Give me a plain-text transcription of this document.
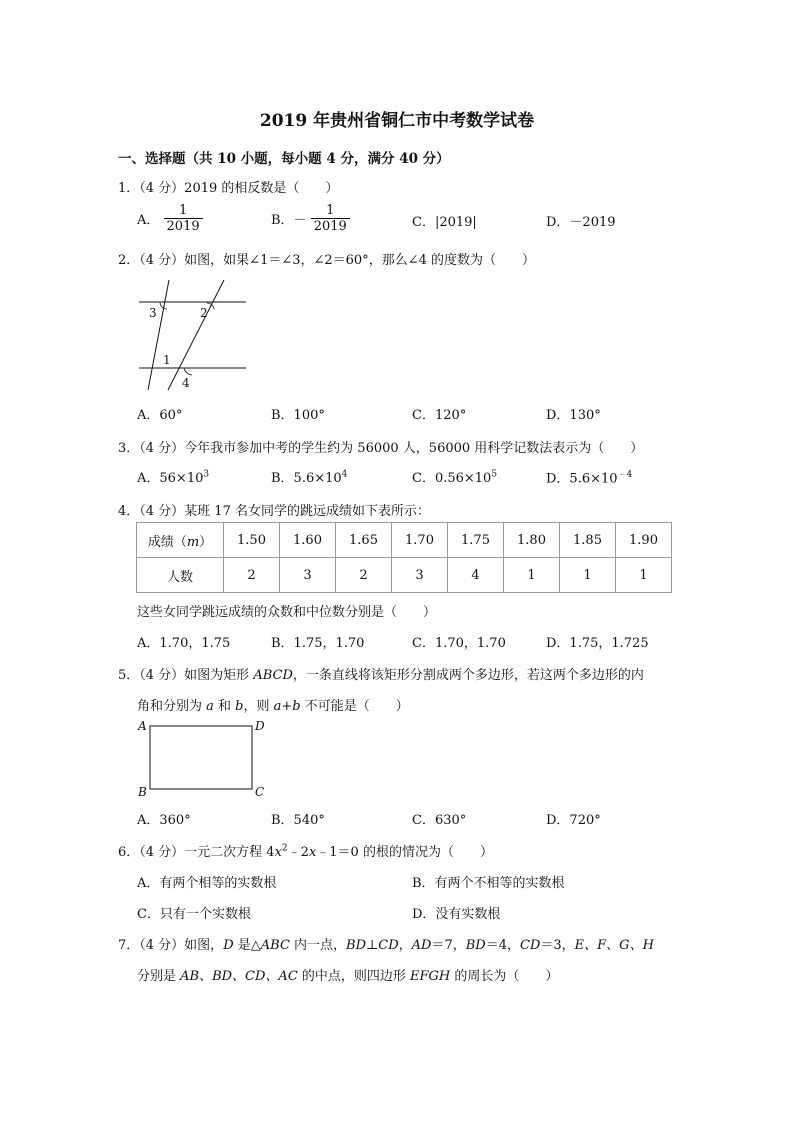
2019 年贵州省铜仁市中考数学试卷
一、选择题（共 10 小题，每小题 4 分，满分 40 分）
1．（4 分）2019 的相反数是（　　）
A． $\frac{1}{2019}$	B．－ $\frac{1}{2019}$	C．|2019|	D．－2019
2．（4 分）如图，如果∠1＝∠3，∠2＝60°，那么∠4 的度数为（　　）
3	2
1
4
A．60°	B．100°	C．120°	D．130°
3．（4 分）今年我市参加中考的学生约为 56000 人，56000 用科学记数法表示为（　　）
A．$56\times 10^3$	B．$5.6\times 10^4$	C．$0.56\times 10^5$	D．$5.6\times 10^{﹣4}$
4．（4 分）某班 17 名女同学的跳远成绩如下表所示：
成绩（m）	1.50	1.60	1.65	1.70	1.75	1.80	1.85	1.90
人数	2	3	2	3	4	1	1	1
这些女同学跳远成绩的众数和中位数分别是（　　）
A．1.70，1.75	B．1.75，1.70	C．1.70，1.70	D．1.75，1.725
5．（4 分）如图为矩形 ABCD，一条直线将该矩形分割成两个多边形，若这两个多边形的内
角和分别为 a 和 b，则 a+b 不可能是（　　）
A	D
B	C
A．360°	B．540°	C．630°	D．720°
6．（4 分）一元二次方程 $4x^2﹣2x﹣1=0$ 的根的情况为（　　）
A．有两个相等的实数根	B．有两个不相等的实数根
C．只有一个实数根	D．没有实数根
7．（4 分）如图，D 是△ABC 内一点，BD⊥CD，AD＝7，BD＝4，CD＝3，E、F、G、H
分别是 AB、BD、CD、AC 的中点，则四边形 EFGH 的周长为（　　）
